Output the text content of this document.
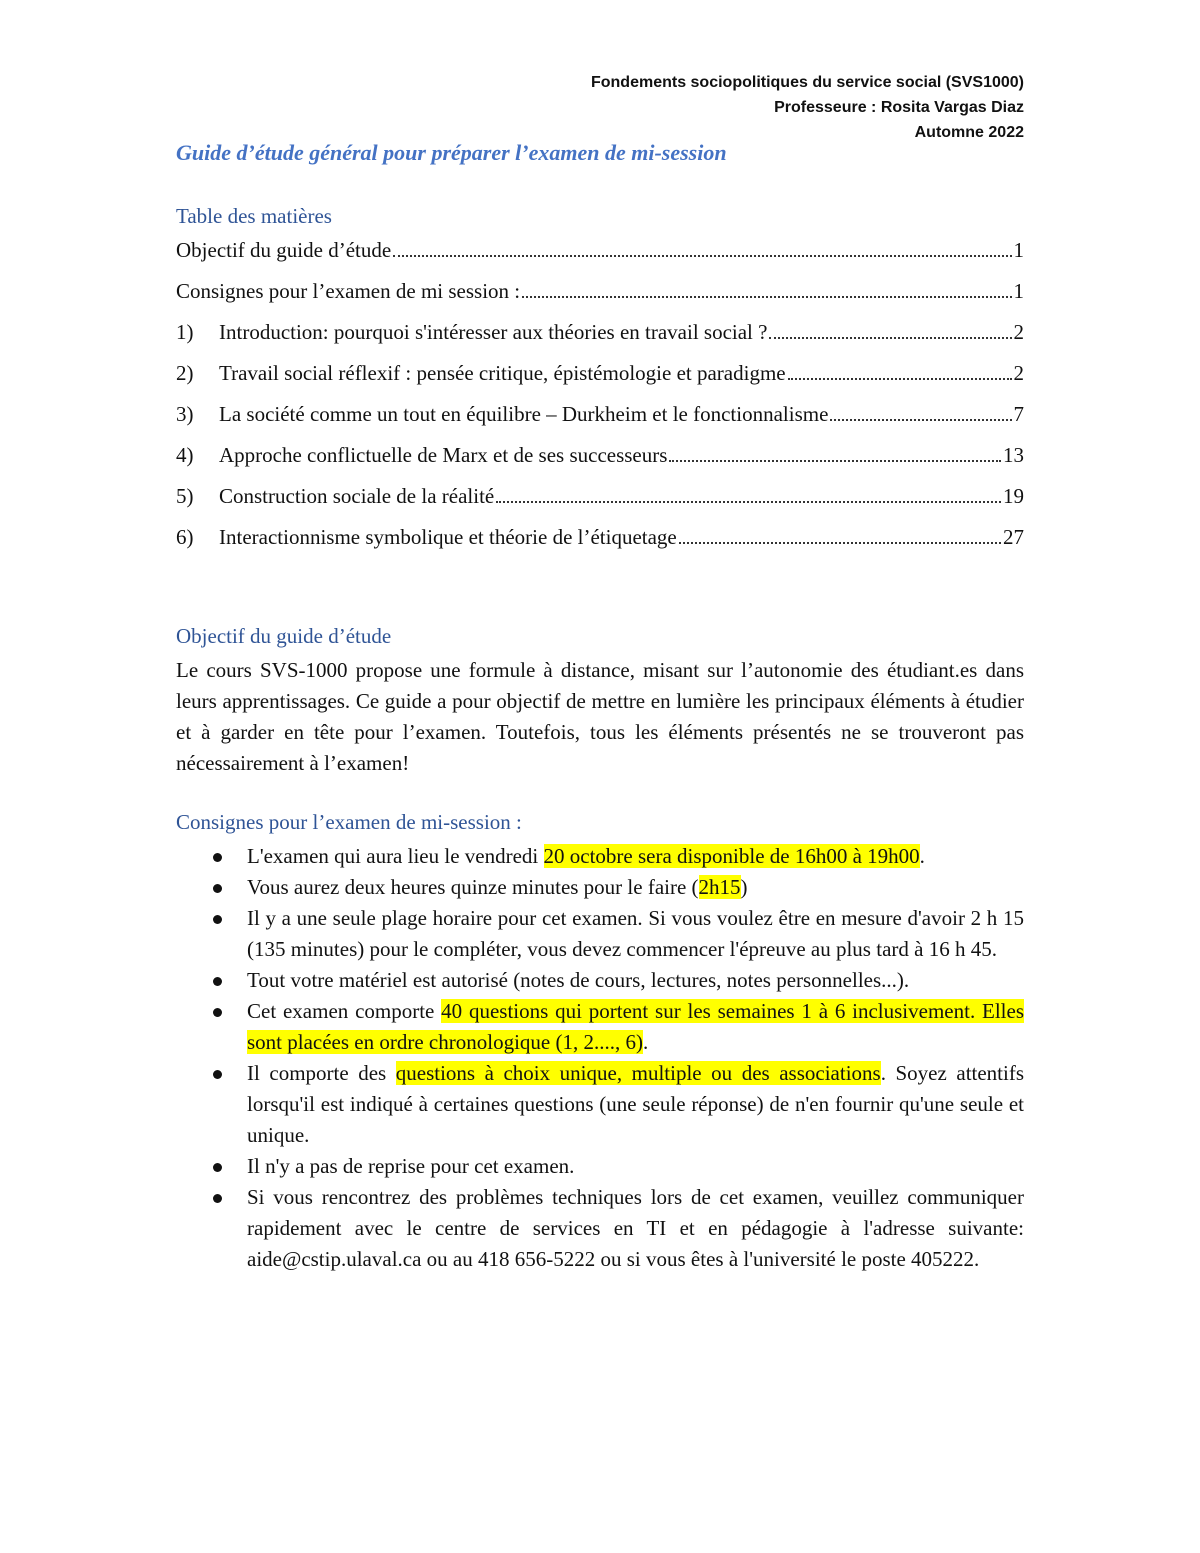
Fondements sociopolitiques du service social (SVS1000)
Professeure : Rosita Vargas Diaz
Automne 2022
Guide d’étude général pour préparer l’examen de mi-session
Table des matières
Objectif du guide d’étude	1
Consignes pour l’examen de mi session :	1
1)	Introduction: pourquoi s'intéresser aux théories en travail social ?	2
2)	Travail social réflexif : pensée critique, épistémologie et paradigme	2
3)	La société comme un tout en équilibre – Durkheim et le fonctionnalisme	7
4)	Approche conflictuelle de Marx et de ses successeurs	13
5)	Construction sociale de la réalité	19
6)	Interactionnisme symbolique et théorie de l’étiquetage	27
Objectif du guide d’étude

Le cours SVS-1000 propose une formule à distance, misant sur l’autonomie des étudiant.es dans leurs apprentissages. Ce guide a pour objectif de mettre en lumière les principaux éléments à étudier et à garder en tête pour l’examen. Toutefois, tous les éléments présentés ne se trouveront pas nécessairement à l’examen!

Consignes pour l’examen de mi-session :
L'examen qui aura lieu le vendredi 20 octobre sera disponible de 16h00 à 19h00.
Vous aurez deux heures quinze minutes pour le faire (2h15)
Il y a une seule plage horaire pour cet examen. Si vous voulez être en mesure d'avoir 2 h 15 (135 minutes) pour le compléter, vous devez commencer l'épreuve au plus tard à 16 h 45.
Tout votre matériel est autorisé (notes de cours, lectures, notes personnelles...).
Cet examen comporte 40 questions qui portent sur les semaines 1 à 6 inclusivement. Elles sont placées en ordre chronologique (1, 2...., 6).
Il comporte des questions à choix unique, multiple ou des associations. Soyez attentifs lorsqu'il est indiqué à certaines questions (une seule réponse) de n'en fournir qu'une seule et unique.
Il n'y a pas de reprise pour cet examen.
Si vous rencontrez des problèmes techniques lors de cet examen, veuillez communiquer rapidement avec le centre de services en TI et en pédagogie à l'adresse suivante: aide@cstip.ulaval.ca ou au 418 656-5222 ou si vous êtes à l'université le poste 405222.
